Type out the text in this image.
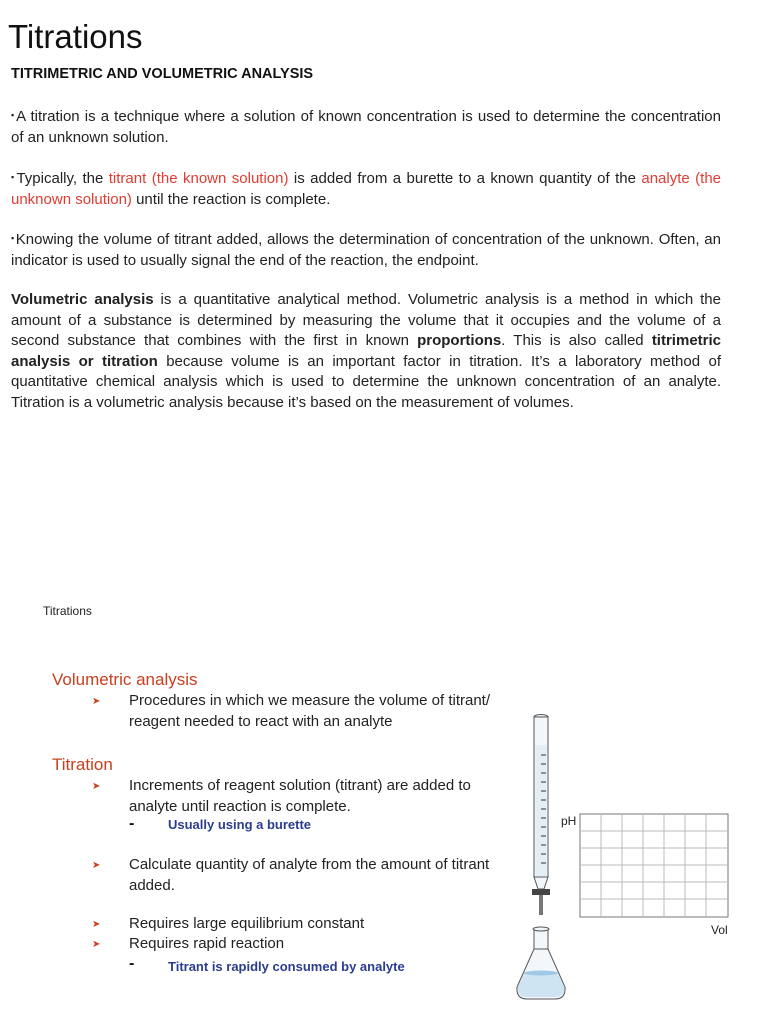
Titrations
TITRIMETRIC AND VOLUMETRIC ANALYSIS

▪A titration is a technique where a solution of known concentration is used to determine the concentration of an unknown solution.

▪Typically, the titrant (the known solution) is added from a burette to a known quantity of the analyte (the unknown solution) until the reaction is complete.

▪Knowing the volume of titrant added, allows the determination of concentration of the unknown. Often, an indicator is used to usually signal the end of the reaction, the endpoint.

Volumetric analysis is a quantitative analytical method. Volumetric analysis is a method in which the amount of a substance is determined by measuring the volume that it occupies and the volume of a second substance that combines with the first in known proportions. This is also called titrimetric analysis or titration because volume is an important factor in titration. It’s a laboratory method of quantitative chemical analysis which is used to determine the unknown concentration of an analyte. Titration is a volumetric analysis because it’s based on the measurement of volumes.

Titrations
Volumetric analysis
➤ Procedures in which we measure the volume of titrant/ reagent needed to react with an analyte
Titration
➤ Increments of reagent solution (titrant) are added to analyte until reaction is complete.
-	Usually using a burette
➤ Calculate quantity of analyte from the amount of titrant added.
➤ Requires large equilibrium constant
➤ Requires rapid reaction
-	Titrant is rapidly consumed by analyte
pH
Vol
